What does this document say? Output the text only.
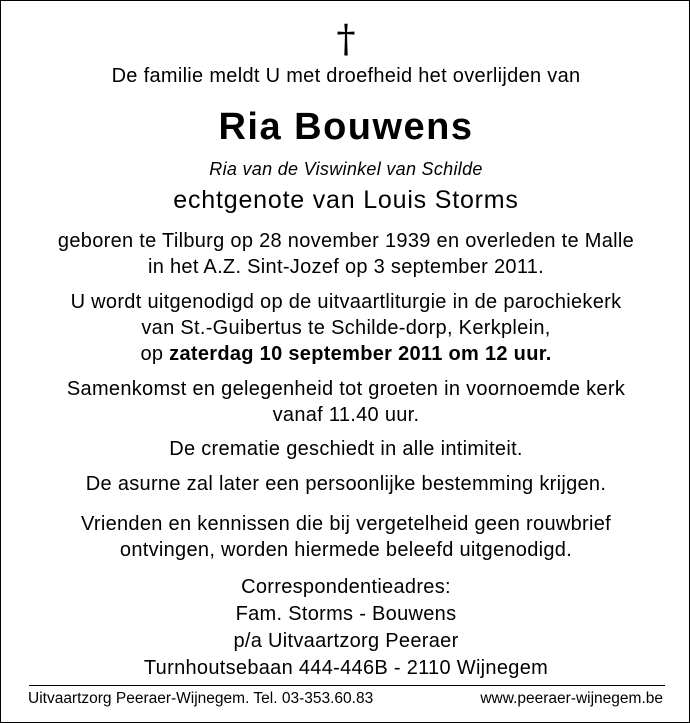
†
De familie meldt U met droefheid het overlijden van
Ria Bouwens
Ria van de Viswinkel van Schilde
echtgenote van Louis Storms
geboren te Tilburg op 28 november 1939 en overleden te Malle
in het A.Z. Sint-Jozef op 3 september 2011.
U wordt uitgenodigd op de uitvaartliturgie in de parochiekerk
van St.-Guibertus te Schilde-dorp, Kerkplein,
op zaterdag 10 september 2011 om 12 uur.
Samenkomst en gelegenheid tot groeten in voornoemde kerk
vanaf 11.40 uur.
De crematie geschiedt in alle intimiteit.
De asurne zal later een persoonlijke bestemming krijgen.
Vrienden en kennissen die bij vergetelheid geen rouwbrief
ontvingen, worden hiermede beleefd uitgenodigd.
Correspondentieadres:
Fam. Storms - Bouwens
p/a Uitvaartzorg Peeraer
Turnhoutsebaan 444-446B - 2110 Wijnegem
Uitvaartzorg Peeraer-Wijnegem. Tel. 03-353.60.83	www.peeraer-wijnegem.be
